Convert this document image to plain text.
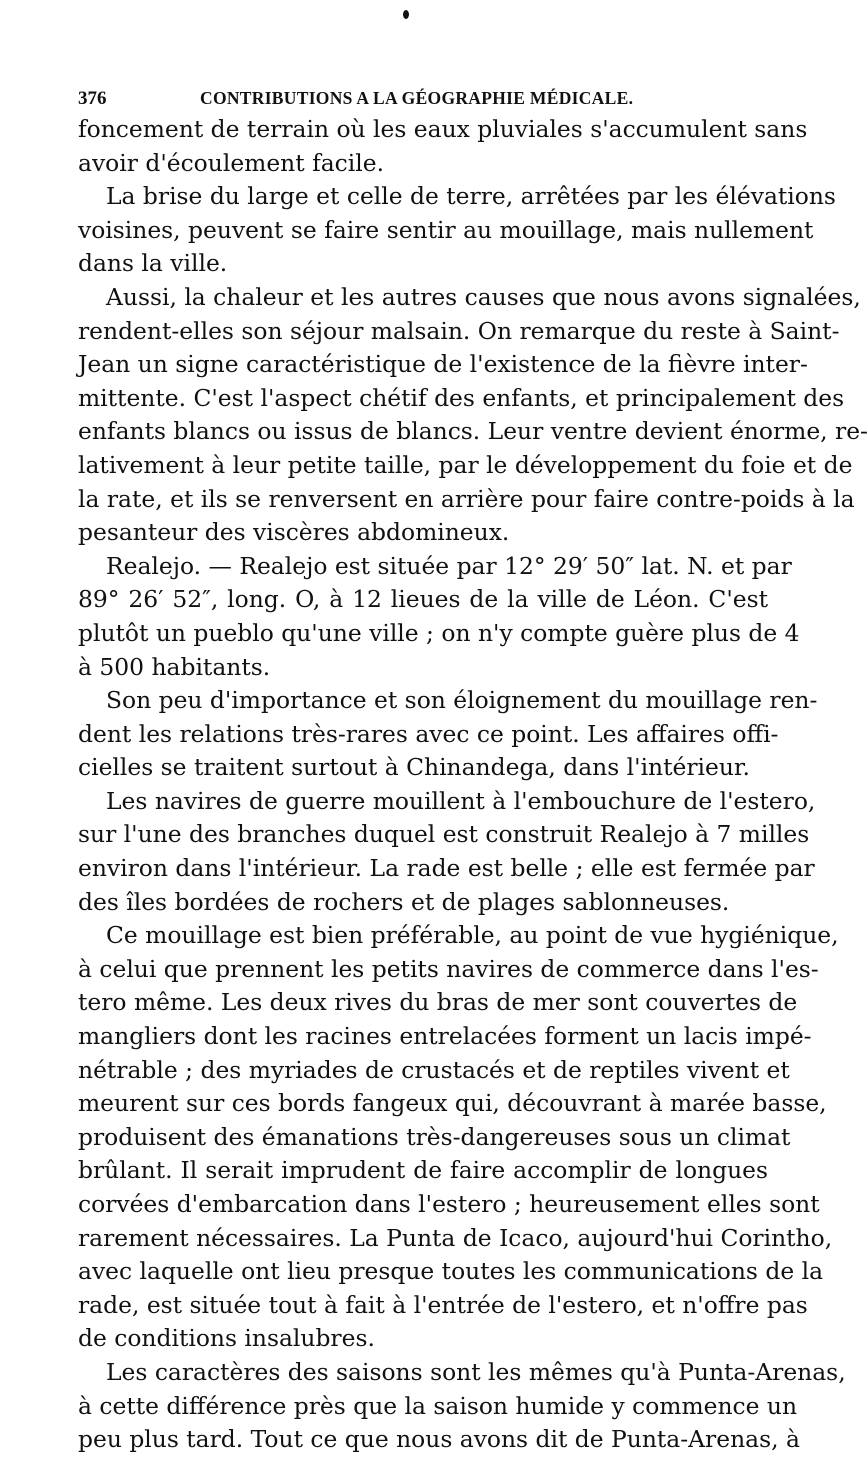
376	CONTRIBUTIONS A LA GÉOGRAPHIE MÉDICALE.
foncement de terrain où les eaux pluviales s'accumulent sans
avoir d'écoulement facile.
La brise du large et celle de terre, arrêtées par les élévations
voisines, peuvent se faire sentir au mouillage, mais nullement
dans la ville.
Aussi, la chaleur et les autres causes que nous avons signalées,
rendent-elles son séjour malsain. On remarque du reste à Saint-
Jean un signe caractéristique de l'existence de la fièvre inter-
mittente. C'est l'aspect chétif des enfants, et principalement des
enfants blancs ou issus de blancs. Leur ventre devient énorme, re-
lativement à leur petite taille, par le développement du foie et de
la rate, et ils se renversent en arrière pour faire contre-poids à la
pesanteur des viscères abdomineux.
Realejo. — Realejo est située par 12° 29′ 50″ lat. N. et par
89° 26′ 52″, long. O, à 12 lieues de la ville de Léon. C'est
plutôt un pueblo qu'une ville ; on n'y compte guère plus de 4
à 500 habitants.
Son peu d'importance et son éloignement du mouillage ren-
dent les relations très-rares avec ce point. Les affaires offi-
cielles se traitent surtout à Chinandega, dans l'intérieur.
Les navires de guerre mouillent à l'embouchure de l'estero,
sur l'une des branches duquel est construit Realejo à 7 milles
environ dans l'intérieur. La rade est belle ; elle est fermée par
des îles bordées de rochers et de plages sablonneuses.
Ce mouillage est bien préférable, au point de vue hygiénique,
à celui que prennent les petits navires de commerce dans l'es-
tero même. Les deux rives du bras de mer sont couvertes de
mangliers dont les racines entrelacées forment un lacis impé-
nétrable ; des myriades de crustacés et de reptiles vivent et
meurent sur ces bords fangeux qui, découvrant à marée basse,
produisent des émanations très-dangereuses sous un climat
brûlant. Il serait imprudent de faire accomplir de longues
corvées d'embarcation dans l'estero ; heureusement elles sont
rarement nécessaires. La Punta de Icaco, aujourd'hui Corintho,
avec laquelle ont lieu presque toutes les communications de la
rade, est située tout à fait à l'entrée de l'estero, et n'offre pas
de conditions insalubres.
Les caractères des saisons sont les mêmes qu'à Punta-Arenas,
à cette différence près que la saison humide y commence un
peu plus tard. Tout ce que nous avons dit de Punta-Arenas, à
